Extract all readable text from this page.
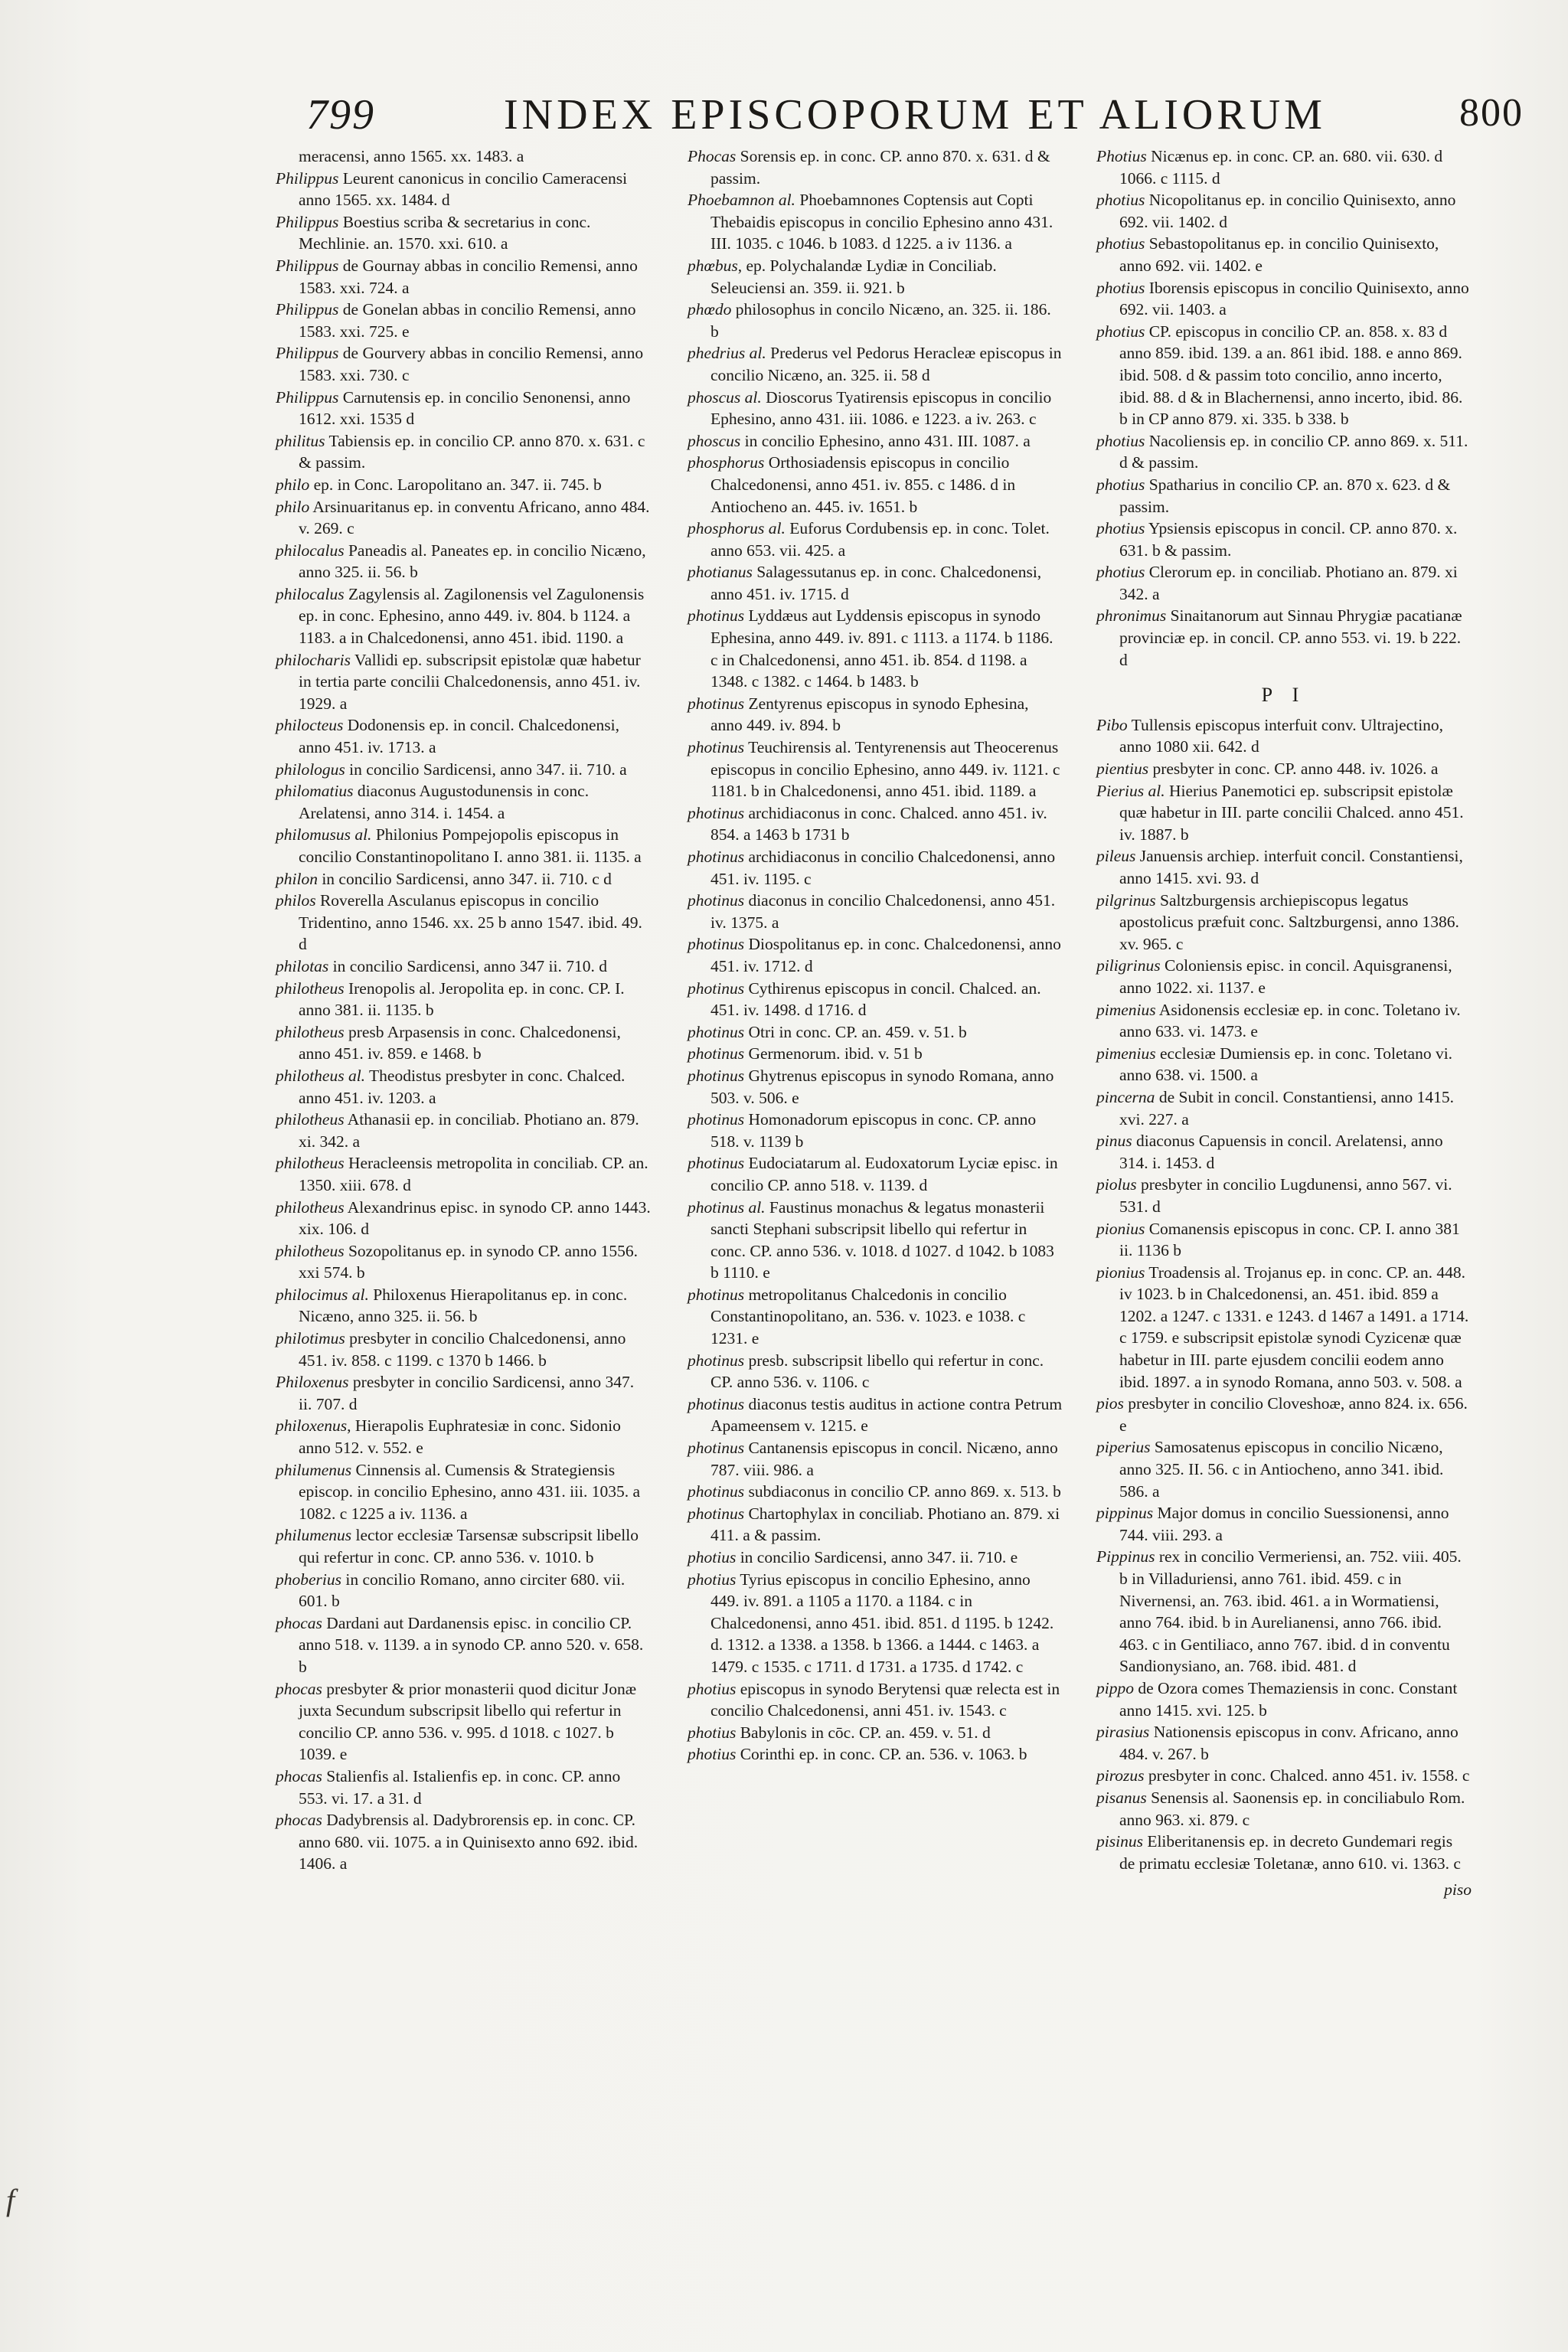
799	INDEX EPISCOPORUM ET ALIORUM	800

meracensi, anno 1565. xx. 1483. a

Philippus Leurent canonicus in concilio Cameracensi anno 1565. xx. 1484. d

Philippus Boestius scriba & secretarius in conc. Mechlinie. an. 1570. xxi. 610. a

Philippus de Gournay abbas in concilio Remensi, anno 1583. xxi. 724. a

Philippus de Gonelan abbas in concilio Remensi, anno 1583. xxi. 725. e

Philippus de Gourvery abbas in concilio Remensi, anno 1583. xxi. 730. c

Philippus Carnutensis ep. in concilio Senonensi, anno 1612. xxi. 1535 d

philitus Tabiensis ep. in concilio CP. anno 870. x. 631. c & passim.

philo ep. in Conc. Laropolitano an. 347. ii. 745. b

philo Arsinuaritanus ep. in conventu Africano, anno 484. v. 269. c

philocalus Paneadis al. Paneates ep. in concilio Nicæno, anno 325. ii. 56. b

philocalus Zagylensis al. Zagilonensis vel Zagulonensis ep. in conc. Ephesino, anno 449. iv. 804. b 1124. a 1183. a in Chalcedonensi, anno 451. ibid. 1190. a

philocharis Vallidi ep. subscripsit epistolæ quæ habetur in tertia parte concilii Chalcedonensis, anno 451. iv. 1929. a

philocteus Dodonensis ep. in concil. Chalcedonensi, anno 451. iv. 1713. a

philologus in concilio Sardicensi, anno 347. ii. 710. a

philomatius diaconus Augustodunensis in conc. Arelatensi, anno 314. i. 1454. a

philomusus al. Philonius Pompejopolis episcopus in concilio Constantinopolitano I. anno 381. ii. 1135. a

philon in concilio Sardicensi, anno 347. ii. 710. c d

philos Roverella Asculanus episcopus in concilio Tridentino, anno 1546. xx. 25 b anno 1547. ibid. 49. d

philotas in concilio Sardicensi, anno 347 ii. 710. d

philotheus Irenopolis al. Jeropolita ep. in conc. CP. I. anno 381. ii. 1135. b

philotheus presb Arpasensis in conc. Chalcedonensi, anno 451. iv. 859. e 1468. b

philotheus al. Theodistus presbyter in conc. Chalced. anno 451. iv. 1203. a

philotheus Athanasii ep. in conciliab. Photiano an. 879. xi. 342. a

philotheus Heracleensis metropolita in conciliab. CP. an. 1350. xiii. 678. d

philotheus Alexandrinus episc. in synodo CP. anno 1443. xix. 106. d

philotheus Sozopolitanus ep. in synodo CP. anno 1556. xxi 574. b

philocimus al. Philoxenus Hierapolitanus ep. in conc. Nicæno, anno 325. ii. 56. b

philotimus presbyter in concilio Chalcedonensi, anno 451. iv. 858. c 1199. c 1370 b 1466. b

Philoxenus presbyter in concilio Sardicensi, anno 347. ii. 707. d

philoxenus, Hierapolis Euphratesiæ in conc. Sidonio anno 512. v. 552. e

philumenus Cinnensis al. Cumensis & Strategiensis episcop. in concilio Ephesino, anno 431. iii. 1035. a 1082. c 1225 a iv. 1136. a

philumenus lector ecclesiæ Tarsensæ subscripsit libello qui refertur in conc. CP. anno 536. v. 1010. b

phoberius in concilio Romano, anno circiter 680. vii. 601. b

phocas Dardani aut Dardanensis episc. in concilio CP. anno 518. v. 1139. a in synodo CP. anno 520. v. 658. b

phocas presbyter & prior monasterii quod dicitur Jonæ juxta Secundum subscripsit libello qui refertur in concilio CP. anno 536. v. 995. d 1018. c 1027. b 1039. e

phocas Stalienfis al. Istalienfis ep. in conc. CP. anno 553. vi. 17. a 31. d

phocas Dadybrensis al. Dadybrorensis ep. in conc. CP. anno 680. vii. 1075. a in Quinisexto anno 692. ibid. 1406. a

Phocas Sorensis ep. in conc. CP. anno 870. x. 631. d & passim.

Phoebamnon al. Phoebamnones Coptensis aut Copti Thebaidis episcopus in concilio Ephesino anno 431. III. 1035. c 1046. b 1083. d 1225. a iv 1136. a

phœbus, ep. Polychalandæ Lydiæ in Conciliab. Seleuciensi an. 359. ii. 921. b

phœdo philosophus in concilo Nicæno, an. 325. ii. 186. b

phedrius al. Prederus vel Pedorus Heracleæ episcopus in concilio Nicæno, an. 325. ii. 58 d

phoscus al. Dioscorus Tyatirensis episcopus in concilio Ephesino, anno 431. iii. 1086. e 1223. a iv. 263. c

phoscus in concilio Ephesino, anno 431. III. 1087. a

phosphorus Orthosiadensis episcopus in concilio Chalcedonensi, anno 451. iv. 855. c 1486. d in Antiocheno an. 445. iv. 1651. b

phosphorus al. Euforus Cordubensis ep. in conc. Tolet. anno 653. vii. 425. a

photianus Salagessutanus ep. in conc. Chalcedonensi, anno 451. iv. 1715. d

photinus Lyddæus aut Lyddensis episcopus in synodo Ephesina, anno 449. iv. 891. c 1113. a 1174. b 1186. c in Chalcedonensi, anno 451. ib. 854. d 1198. a 1348. c 1382. c 1464. b 1483. b

photinus Zentyrenus episcopus in synodo Ephesina, anno 449. iv. 894. b

photinus Teuchirensis al. Tentyrenensis aut Theocerenus episcopus in concilio Ephesino, anno 449. iv. 1121. c 1181. b in Chalcedonensi, anno 451. ibid. 1189. a

photinus archidiaconus in conc. Chalced. anno 451. iv. 854. a 1463 b 1731 b

photinus archidiaconus in concilio Chalcedonensi, anno 451. iv. 1195. c

photinus diaconus in concilio Chalcedonensi, anno 451. iv. 1375. a

photinus Diospolitanus ep. in conc. Chalcedonensi, anno 451. iv. 1712. d

photinus Cythirenus episcopus in concil. Chalced. an. 451. iv. 1498. d 1716. d

photinus Otri in conc. CP. an. 459. v. 51. b

photinus Germenorum. ibid. v. 51 b

photinus Ghytrenus episcopus in synodo Romana, anno 503. v. 506. e

photinus Homonadorum episcopus in conc. CP. anno 518. v. 1139 b

photinus Eudociatarum al. Eudoxatorum Lyciæ episc. in concilio CP. anno 518. v. 1139. d

photinus al. Faustinus monachus & legatus monasterii sancti Stephani subscripsit libello qui refertur in conc. CP. anno 536. v. 1018. d 1027. d 1042. b 1083 b 1110. e

photinus metropolitanus Chalcedonis in concilio Constantinopolitano, an. 536. v. 1023. e 1038. c 1231. e

photinus presb. subscripsit libello qui refertur in conc. CP. anno 536. v. 1106. c

photinus diaconus testis auditus in actione contra Petrum Apameensem v. 1215. e

photinus Cantanensis episcopus in concil. Nicæno, anno 787. viii. 986. a

photinus subdiaconus in concilio CP. anno 869. x. 513. b

photinus Chartophylax in conciliab. Photiano an. 879. xi 411. a & passim.

photius in concilio Sardicensi, anno 347. ii. 710. e

photius Tyrius episcopus in concilio Ephesino, anno 449. iv. 891. a 1105 a 1170. a 1184. c in Chalcedonensi, anno 451. ibid. 851. d 1195. b 1242. d. 1312. a 1338. a 1358. b 1366. a 1444. c 1463. a 1479. c 1535. c 1711. d 1731. a 1735. d 1742. c

photius episcopus in synodo Berytensi quæ relecta est in concilio Chalcedonensi, anni 451. iv. 1543. c

photius Babylonis in cōc. CP. an. 459. v. 51. d

photius Corinthi ep. in conc. CP. an. 536. v. 1063. b

Photius Nicænus ep. in conc. CP. an. 680. vii. 630. d 1066. c 1115. d

photius Nicopolitanus ep. in concilio Quinisexto, anno 692. vii. 1402. d

photius Sebastopolitanus ep. in concilio Quinisexto, anno 692. vii. 1402. e

photius Iborensis episcopus in concilio Quinisexto, anno 692. vii. 1403. a

photius CP. episcopus in concilio CP. an. 858. x. 83 d anno 859. ibid. 139. a an. 861 ibid. 188. e anno 869. ibid. 508. d & passim toto concilio, anno incerto, ibid. 88. d & in Blachernensi, anno incerto, ibid. 86. b in CP anno 879. xi. 335. b 338. b

photius Nacoliensis ep. in concilio CP. anno 869. x. 511. d & passim.

photius Spatharius in concilio CP. an. 870 x. 623. d & passim.

photius Ypsiensis episcopus in concil. CP. anno 870. x. 631. b & passim.

photius Clerorum ep. in conciliab. Photiano an. 879. xi 342. a

phronimus Sinaitanorum aut Sinnau Phrygiæ pacatianæ provinciæ ep. in concil. CP. anno 553. vi. 19. b 222. d

P I

Pibo Tullensis episcopus interfuit conv. Ultrajectino, anno 1080 xii. 642. d

pientius presbyter in conc. CP. anno 448. iv. 1026. a

Pierius al. Hierius Panemotici ep. subscripsit epistolæ quæ habetur in III. parte concilii Chalced. anno 451. iv. 1887. b

pileus Januensis archiep. interfuit concil. Constantiensi, anno 1415. xvi. 93. d

pilgrinus Saltzburgensis archiepiscopus legatus apostolicus præfuit conc. Saltzburgensi, anno 1386. xv. 965. c

piligrinus Coloniensis episc. in concil. Aquisgranensi, anno 1022. xi. 1137. e

pimenius Asidonensis ecclesiæ ep. in conc. Toletano iv. anno 633. vi. 1473. e

pimenius ecclesiæ Dumiensis ep. in conc. Toletano vi. anno 638. vi. 1500. a

pincerna de Subit in concil. Constantiensi, anno 1415. xvi. 227. a

pinus diaconus Capuensis in concil. Arelatensi, anno 314. i. 1453. d

piolus presbyter in concilio Lugdunensi, anno 567. vi. 531. d

pionius Comanensis episcopus in conc. CP. I. anno 381 ii. 1136 b

pionius Troadensis al. Trojanus ep. in conc. CP. an. 448. iv 1023. b in Chalcedonensi, an. 451. ibid. 859 a 1202. a 1247. c 1331. e 1243. d 1467 a 1491. a 1714. c 1759. e subscripsit epistolæ synodi Cyzicenæ quæ habetur in III. parte ejusdem concilii eodem anno ibid. 1897. a in synodo Romana, anno 503. v. 508. a

pios presbyter in concilio Cloveshoæ, anno 824. ix. 656. e

piperius Samosatenus episcopus in concilio Nicæno, anno 325. II. 56. c in Antiocheno, anno 341. ibid. 586. a

pippinus Major domus in concilio Suessionensi, anno 744. viii. 293. a

Pippinus rex in concilio Vermeriensi, an. 752. viii. 405. b in Villaduriensi, anno 761. ibid. 459. c in Nivernensi, an. 763. ibid. 461. a in Wormatiensi, anno 764. ibid. b in Aurelianensi, anno 766. ibid. 463. c in Gentiliaco, anno 767. ibid. d in conventu Sandionysiano, an. 768. ibid. 481. d

pippo de Ozora comes Themaziensis in conc. Constant anno 1415. xvi. 125. b

pirasius Nationensis episcopus in conv. Africano, anno 484. v. 267. b

pirozus presbyter in conc. Chalced. anno 451. iv. 1558. c

pisanus Senensis al. Saonensis ep. in conciliabulo Rom. anno 963. xi. 879. c

pisinus Eliberitanensis ep. in decreto Gundemari regis de primatu ecclesiæ Toletanæ, anno 610. vi. 1363. c

piso
f
